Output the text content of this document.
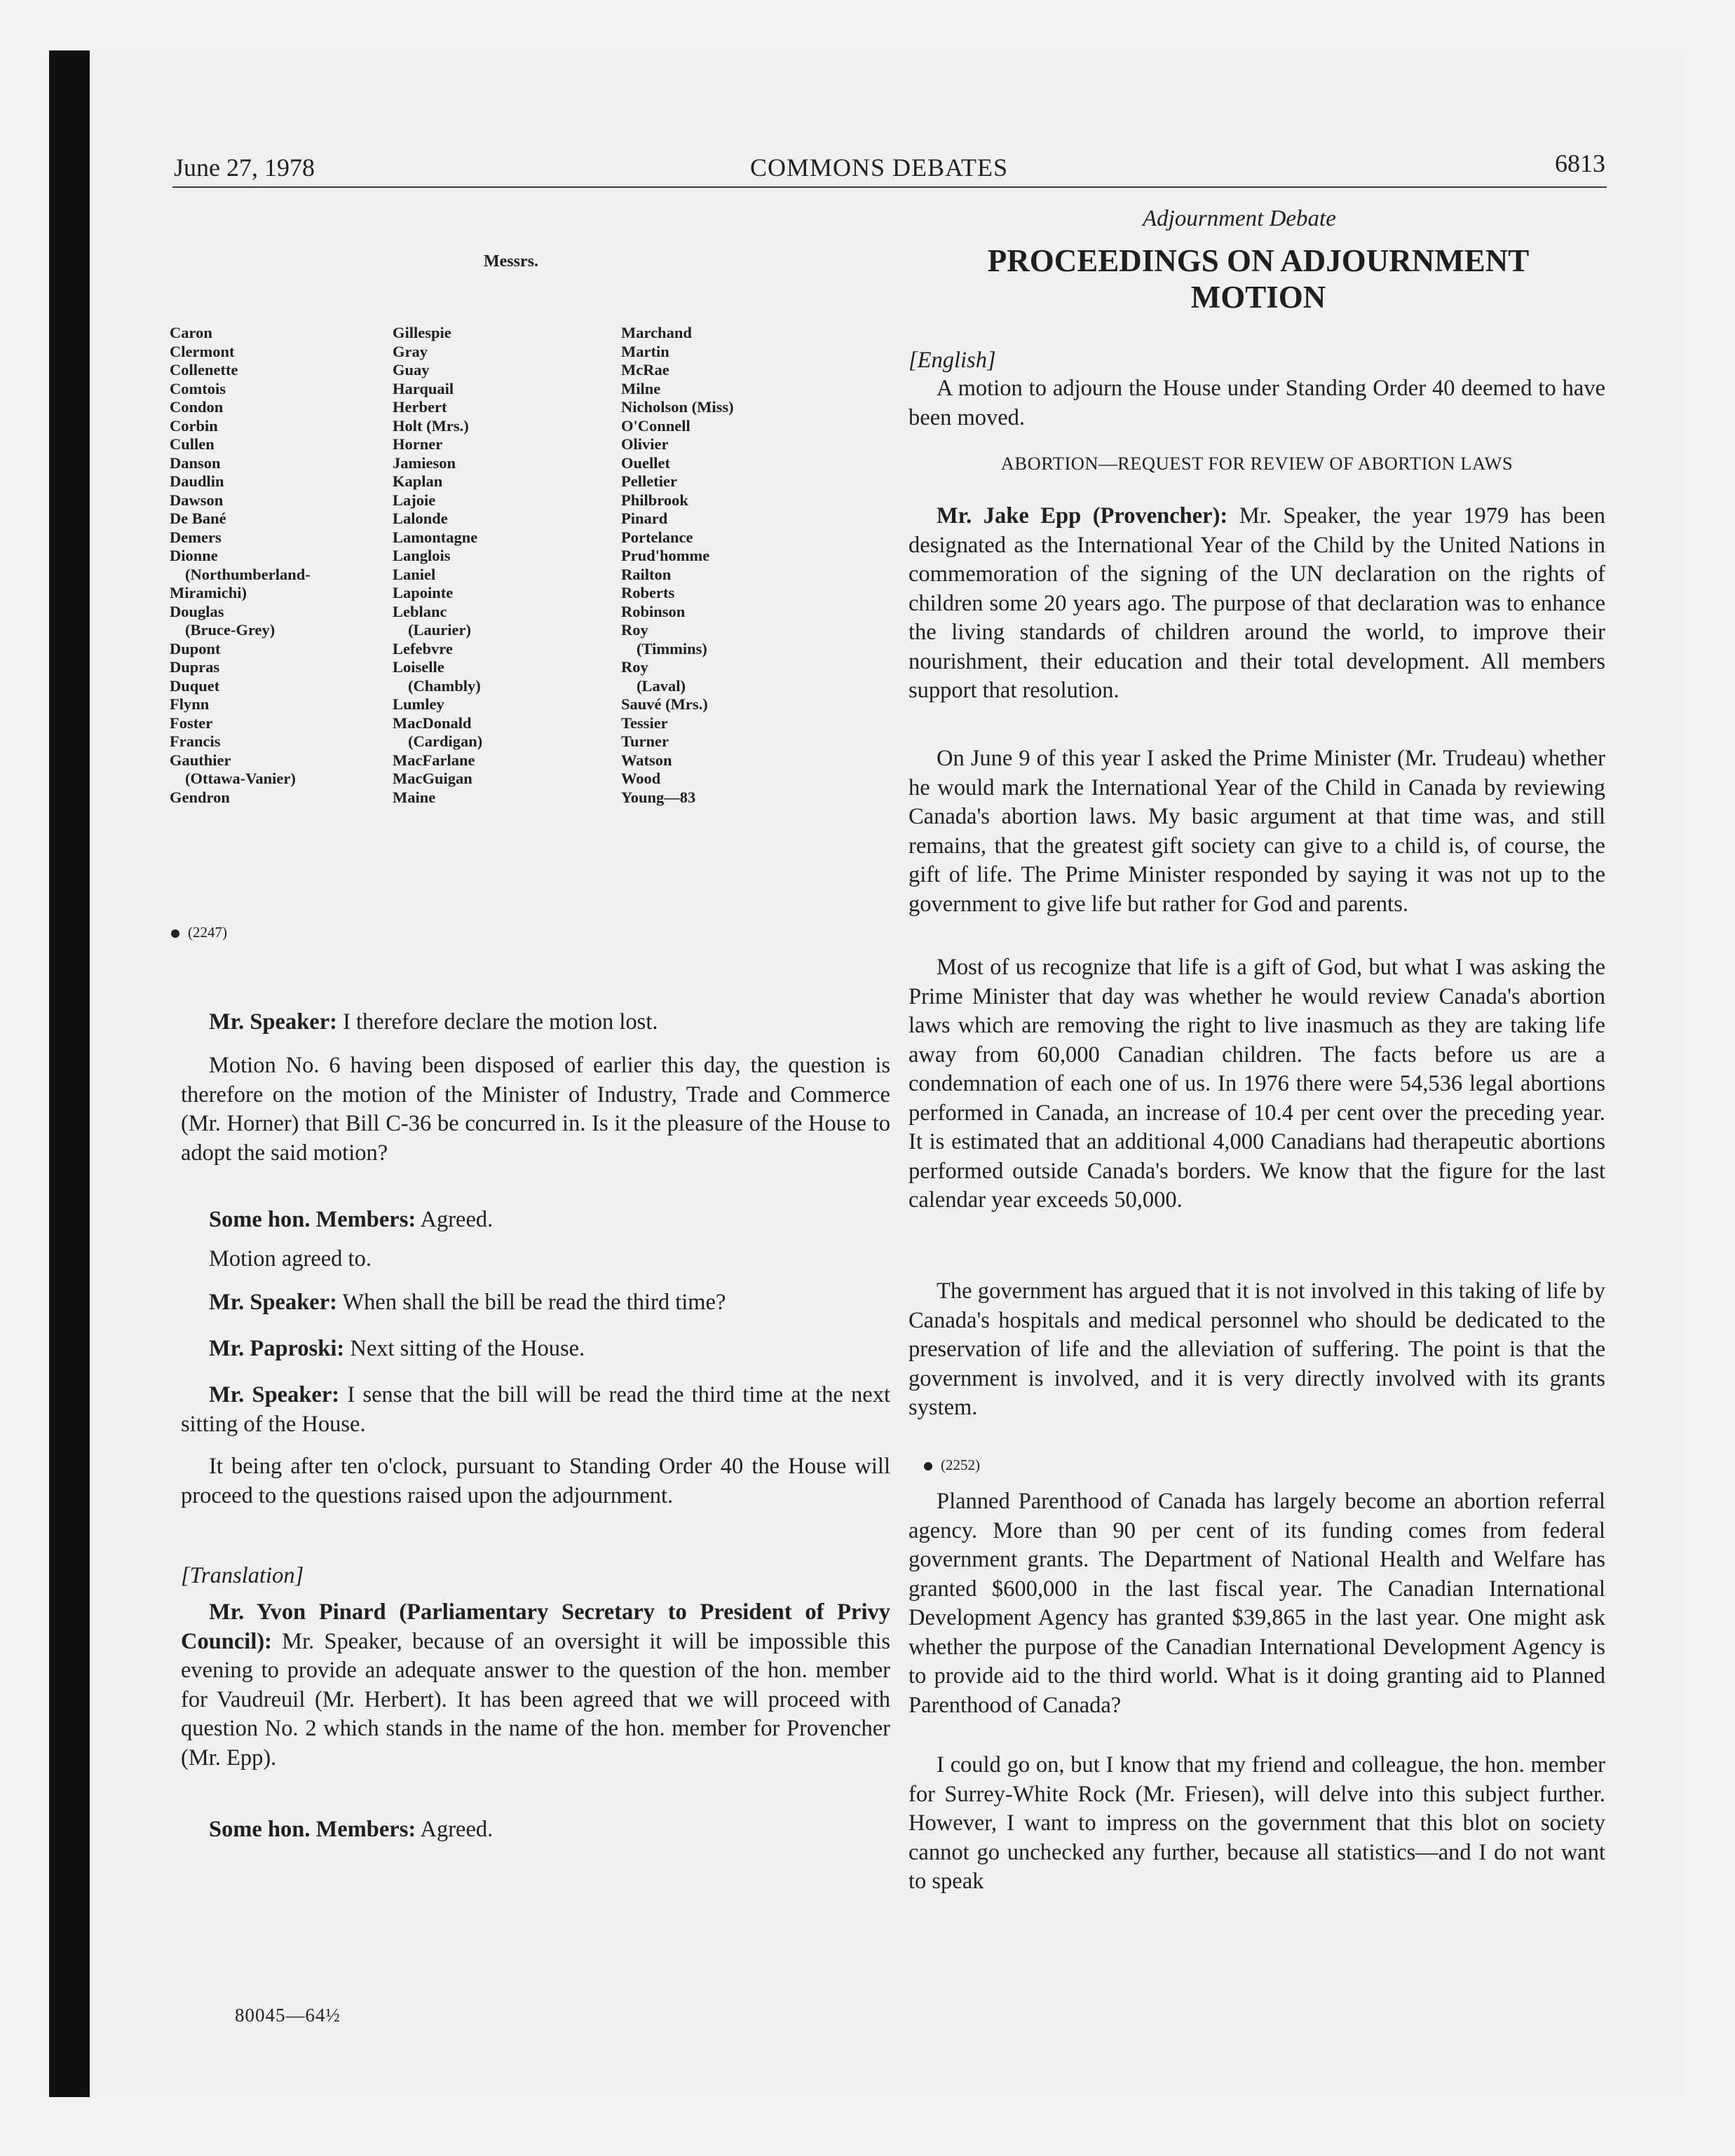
June 27, 1978	COMMONS DEBATES	6813
Messrs.
Caron
Clermont
Collenette
Comtois
Condon
Corbin
Cullen
Danson
Daudlin
Dawson
De Bané
Demers
Dionne
(Northumberland-
Miramichi)
Douglas
(Bruce-Grey)
Dupont
Dupras
Duquet
Flynn
Foster
Francis
Gauthier
(Ottawa-Vanier)
Gendron
Gillespie
Gray
Guay
Harquail
Herbert
Holt (Mrs.)
Horner
Jamieson
Kaplan
Lajoie
Lalonde
Lamontagne
Langlois
Laniel
Lapointe
Leblanc
(Laurier)
Lefebvre
Loiselle
(Chambly)
Lumley
MacDonald
(Cardigan)
MacFarlane
MacGuigan
Maine
Marchand
Martin
McRae
Milne
Nicholson (Miss)
O'Connell
Olivier
Ouellet
Pelletier
Philbrook
Pinard
Portelance
Prud'homme
Railton
Roberts
Robinson
Roy
(Timmins)
Roy
(Laval)
Sauvé (Mrs.)
Tessier
Turner
Watson
Wood
Young—83
(2247)

Mr. Speaker: I therefore declare the motion lost.

Motion No. 6 having been disposed of earlier this day, the question is therefore on the motion of the Minister of Industry, Trade and Commerce (Mr. Horner) that Bill C-36 be concurred in. Is it the pleasure of the House to adopt the said motion?

Some hon. Members: Agreed.

Motion agreed to.

Mr. Speaker: When shall the bill be read the third time?

Mr. Paproski: Next sitting of the House.

Mr. Speaker: I sense that the bill will be read the third time at the next sitting of the House.

It being after ten o'clock, pursuant to Standing Order 40 the House will proceed to the questions raised upon the adjournment.

[Translation]

Mr. Yvon Pinard (Parliamentary Secretary to President of Privy Council): Mr. Speaker, because of an oversight it will be impossible this evening to provide an adequate answer to the question of the hon. member for Vaudreuil (Mr. Herbert). It has been agreed that we will proceed with question No. 2 which stands in the name of the hon. member for Provencher (Mr. Epp).

Some hon. Members: Agreed.

80045—64½
Adjournment Debate
PROCEEDINGS ON ADJOURNMENT MOTION
[English]

A motion to adjourn the House under Standing Order 40 deemed to have been moved.

ABORTION—REQUEST FOR REVIEW OF ABORTION LAWS

Mr. Jake Epp (Provencher): Mr. Speaker, the year 1979 has been designated as the International Year of the Child by the United Nations in commemoration of the signing of the UN declaration on the rights of children some 20 years ago. The purpose of that declaration was to enhance the living standards of children around the world, to improve their nourishment, their education and their total development. All members support that resolution.

On June 9 of this year I asked the Prime Minister (Mr. Trudeau) whether he would mark the International Year of the Child in Canada by reviewing Canada's abortion laws. My basic argument at that time was, and still remains, that the greatest gift society can give to a child is, of course, the gift of life. The Prime Minister responded by saying it was not up to the government to give life but rather for God and parents.

Most of us recognize that life is a gift of God, but what I was asking the Prime Minister that day was whether he would review Canada's abortion laws which are removing the right to live inasmuch as they are taking life away from 60,000 Canadian children. The facts before us are a condemnation of each one of us. In 1976 there were 54,536 legal abortions performed in Canada, an increase of 10.4 per cent over the preceding year. It is estimated that an additional 4,000 Canadians had therapeutic abortions performed outside Canada's borders. We know that the figure for the last calendar year exceeds 50,000.

The government has argued that it is not involved in this taking of life by Canada's hospitals and medical personnel who should be dedicated to the preservation of life and the alleviation of suffering. The point is that the government is involved, and it is very directly involved with its grants system.

(2252)

Planned Parenthood of Canada has largely become an abortion referral agency. More than 90 per cent of its funding comes from federal government grants. The Department of National Health and Welfare has granted $600,000 in the last fiscal year. The Canadian International Development Agency has granted $39,865 in the last year. One might ask whether the purpose of the Canadian International Development Agency is to provide aid to the third world. What is it doing granting aid to Planned Parenthood of Canada?

I could go on, but I know that my friend and colleague, the hon. member for Surrey-White Rock (Mr. Friesen), will delve into this subject further. However, I want to impress on the government that this blot on society cannot go unchecked any further, because all statistics—and I do not want to speak
